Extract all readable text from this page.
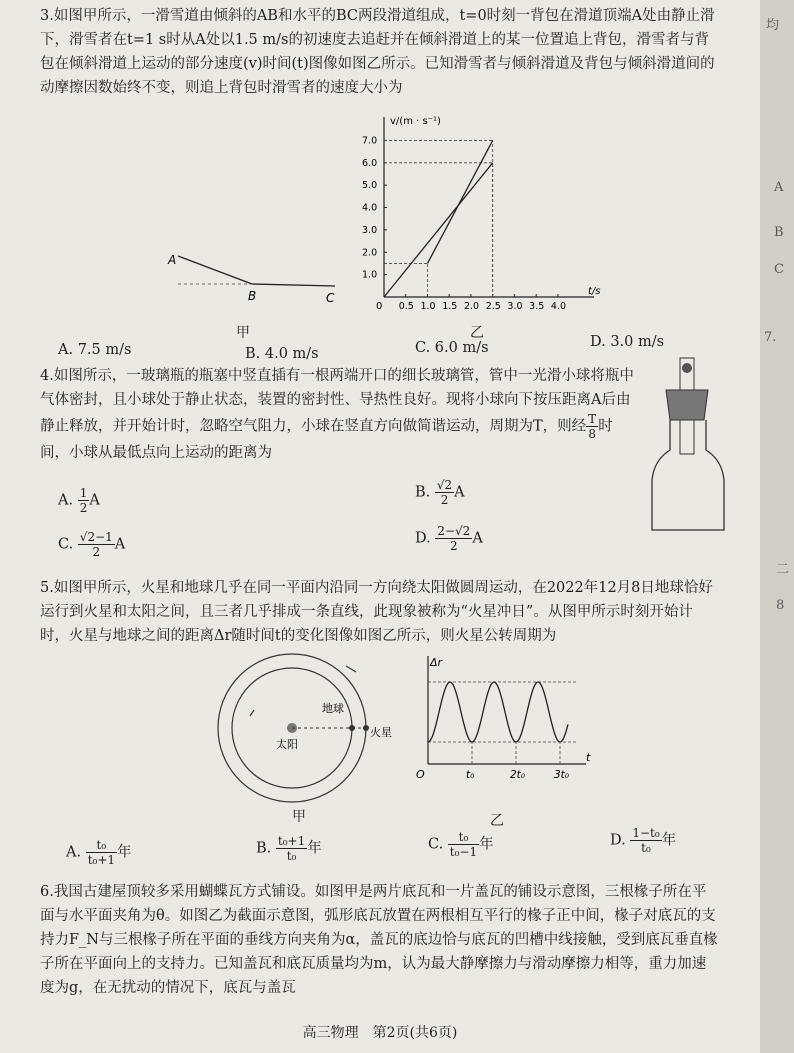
3.如图甲所示，一滑雪道由倾斜的AB和水平的BC两段滑道组成，t=0时刻一背包在滑道顶端A处由静止滑下，滑雪者在t=1 s时从A处以1.5 m/s的初速度去追赶并在倾斜滑道上的某一位置追上背包，滑雪者与背包在倾斜滑道上运动的部分速度(v)时间(t)图像如图乙所示。已知滑雪者与倾斜滑道及背包与倾斜滑道间的动摩擦因数始终不变，则追上背包时滑雪者的速度大小为

A
B	C
甲
v/(m · s⁻¹)
t/s
0 0.5 1.0 1.5 2.0 2.5 3.0 3.5 4.0
1.0
2.0
3.0
4.0
5.0
6.0
7.0
乙
A. 7.5 m/s	B. 4.0 m/s	C. 6.0 m/s	D. 3.0 m/s

4.如图所示，一玻璃瓶的瓶塞中竖直插有一根两端开口的细长玻璃管，管中一光滑小球将瓶中气体密封，且小球处于静止状态，装置的密封性、导热性良好。现将小球向下按压距离A后由静止释放，并开始计时，忽略空气阻力，小球在竖直方向做简谐运动，周期为T，则经 $\frac{T}{8}$ 时间，小球从最低点向上运动的距离为

A. $\frac{1}{2}$ A	B. $\frac{√2}{2}$ A
C. $\frac{√2-1}{2}$ A	D. $\frac{2-√2}{2}$ A

5.如图甲所示，火星和地球几乎在同一平面内沿同一方向绕太阳做圆周运动，在2022年12月8日地球恰好运行到火星和太阳之间，且三者几乎排成一条直线，此现象被称为“火星冲日”。从图甲所示时刻开始计时，火星与地球之间的距离Δr随时间t的变化图像如图乙所示，则火星公转周期为

太阳
地球
火星
甲
Δr
t
O	t₀	2t₀	3t₀
乙
A. $\frac{\text{t₀}}{\text{t₀+1}}$ 年	B. $\frac{\text{t₀+1}}{\text{t₀}}$ 年	C. $\frac{\text{t₀}}{\text{t₀−1}}$ 年	D. $\frac{\text{1−t₀}}{\text{t₀}}$ 年

6.我国古建屋顶较多采用蝴蝶瓦方式铺设。如图甲是两片底瓦和一片盖瓦的铺设示意图，三根椽子所在平面与水平面夹角为θ。如图乙为截面示意图，弧形底瓦放置在两根相互平行的椽子正中间，椽子对底瓦的支持力F_N与三根椽子所在平面的垂线方向夹角为α，盖瓦的底边恰与底瓦的凹槽中线接触，受到底瓦垂直椽子所在平面向上的支持力。已知盖瓦和底瓦质量均为m，认为最大静摩擦力与滑动摩擦力相等，重力加速度为g，在无扰动的情况下，底瓦与盖瓦

高三物理　第2页(共6页)
均
A
B
C
7.
二
8
